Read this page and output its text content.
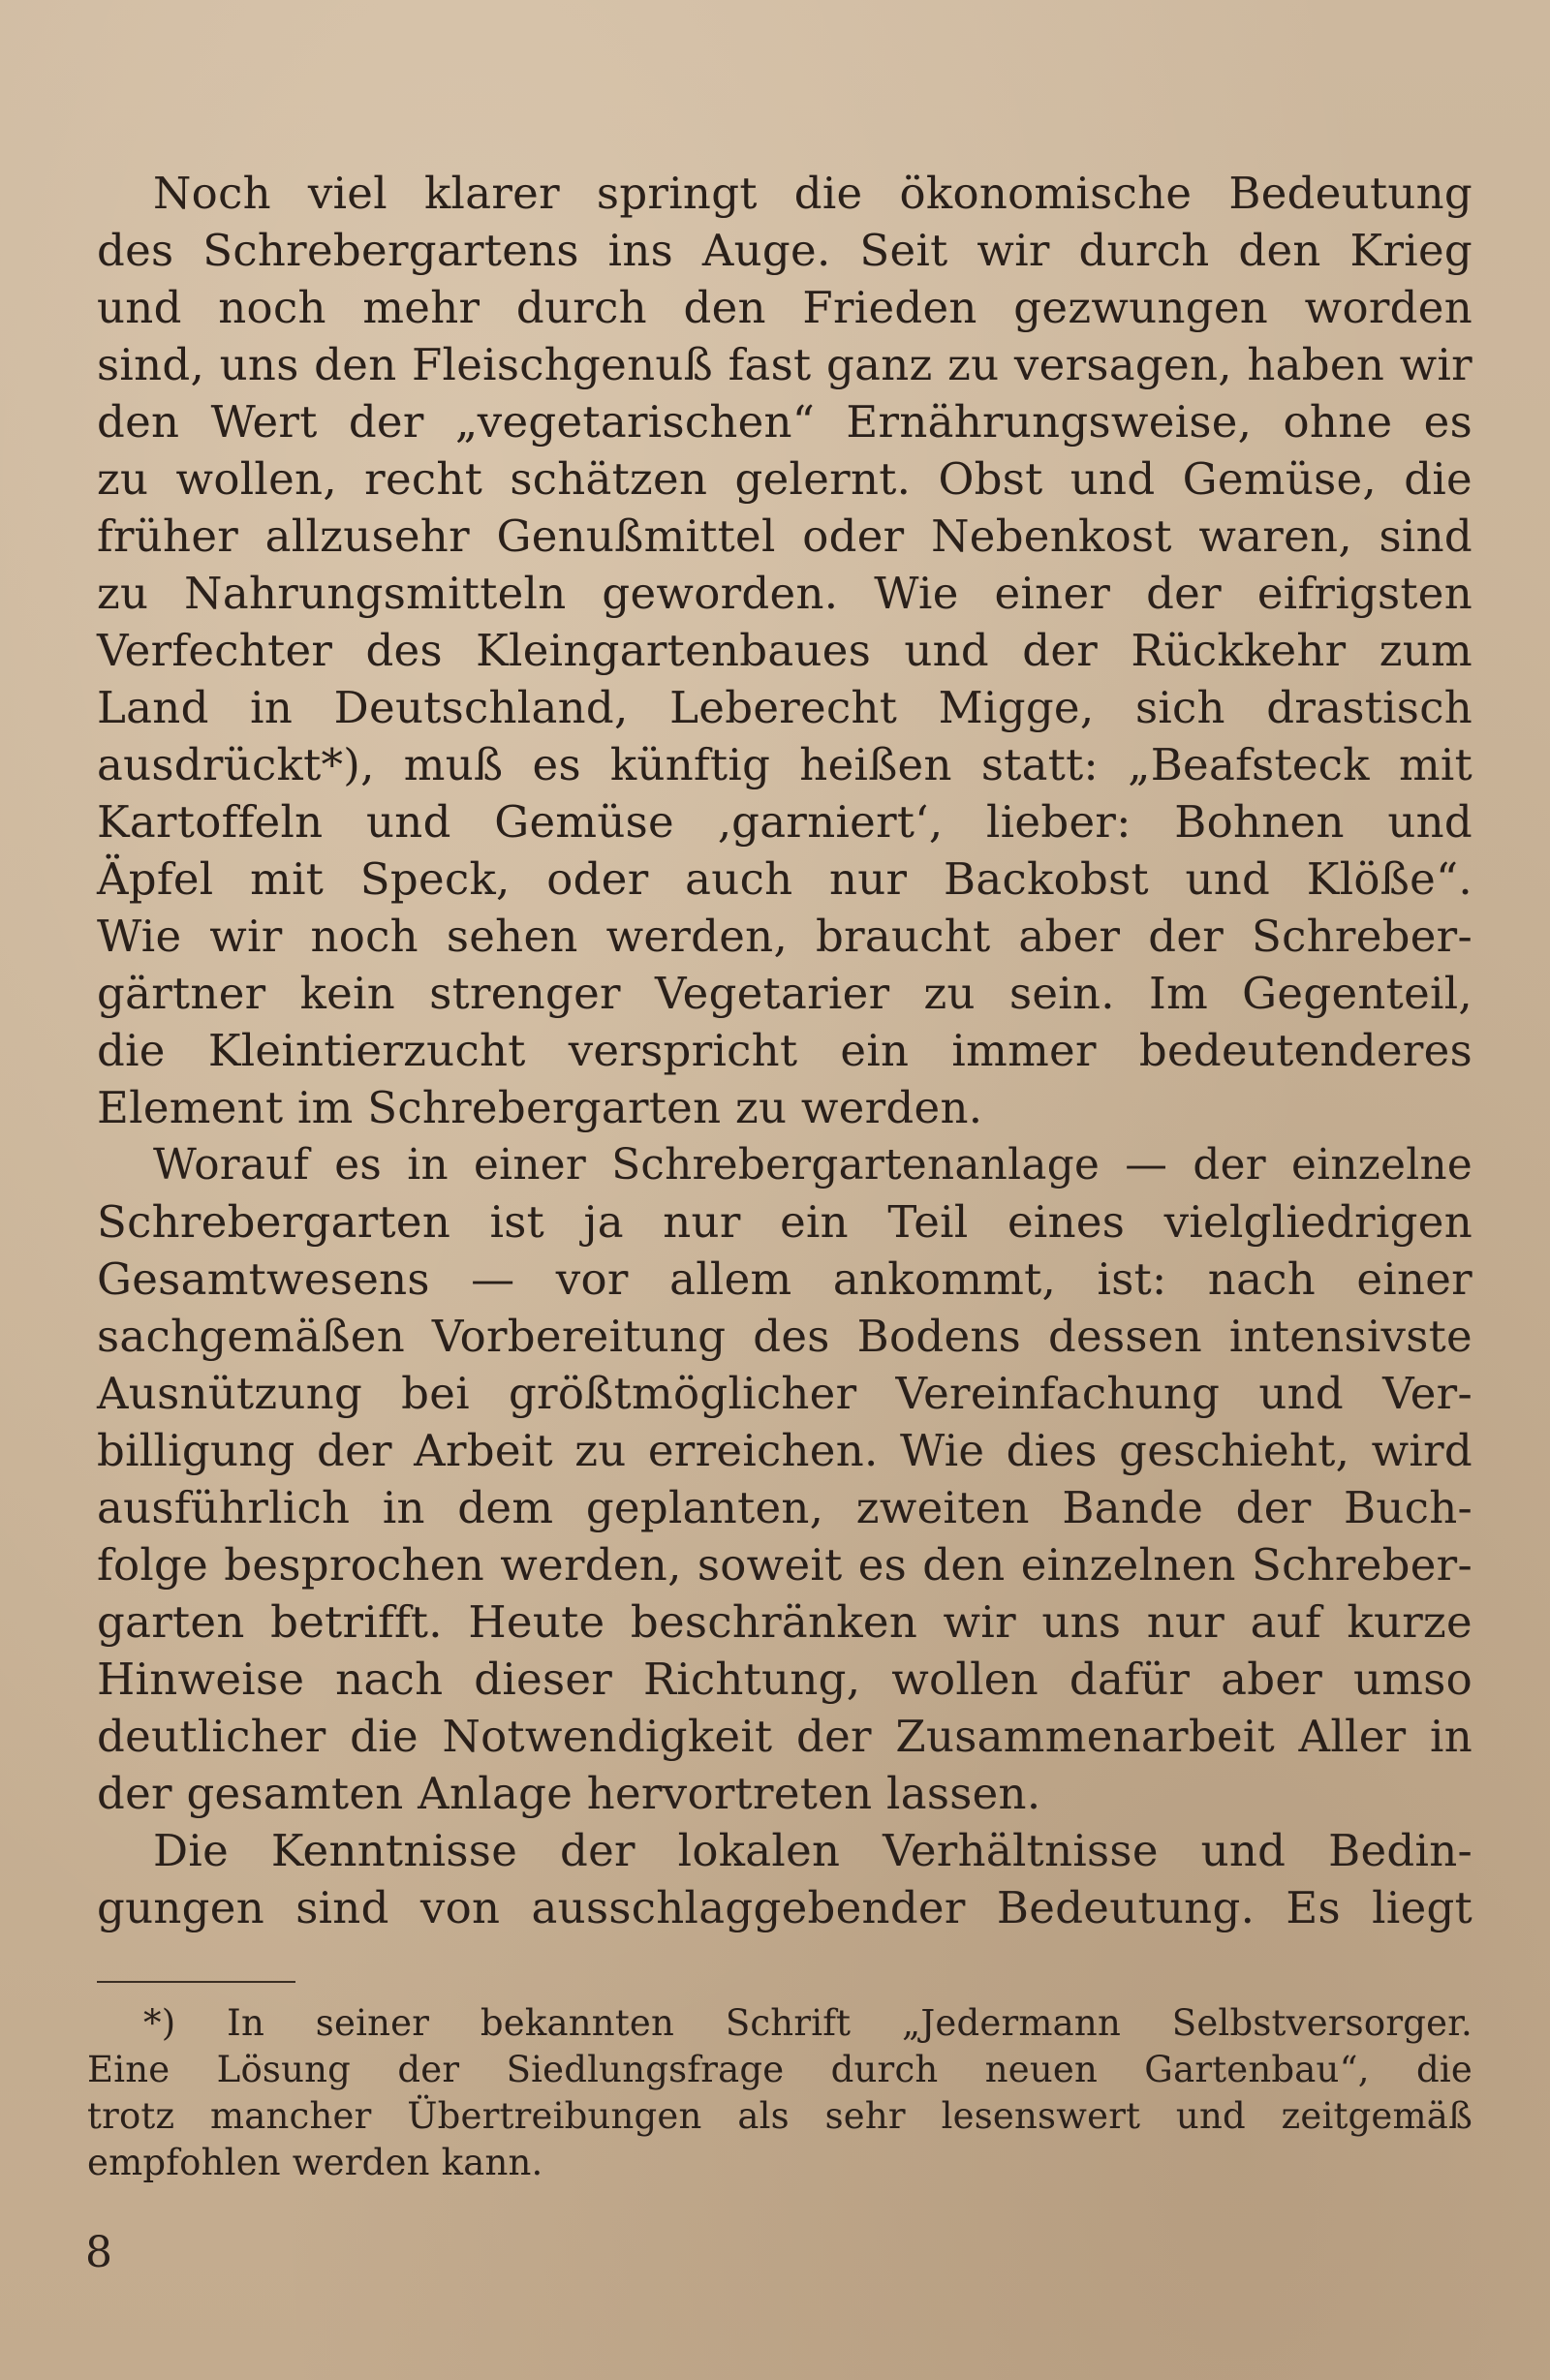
Noch viel klarer springt die ökonomische Bedeutung
des Schrebergartens ins Auge. Seit wir durch den Krieg
und noch mehr durch den Frieden gezwungen worden
sind, uns den Fleischgenuß fast ganz zu versagen, haben wir
den Wert der „vegetarischen“ Ernährungsweise, ohne es
zu wollen, recht schätzen gelernt. Obst und Gemüse, die
früher allzusehr Genußmittel oder Nebenkost waren, sind
zu Nahrungsmitteln geworden. Wie einer der eifrigsten
Verfechter des Kleingartenbaues und der Rückkehr zum
Land in Deutschland, Leberecht Migge, sich drastisch
ausdrückt*), muß es künftig heißen statt: „Beafsteck mit
Kartoffeln und Gemüse ‚garniert‘, lieber: Bohnen und
Äpfel mit Speck, oder auch nur Backobst und Klöße“.
Wie wir noch sehen werden, braucht aber der Schreber-
gärtner kein strenger Vegetarier zu sein. Im Gegenteil,
die Kleintierzucht verspricht ein immer bedeutenderes
Element im Schrebergarten zu werden.

Worauf es in einer Schrebergartenanlage — der einzelne
Schrebergarten ist ja nur ein Teil eines vielgliedrigen
Gesamtwesens — vor allem ankommt, ist: nach einer
sachgemäßen Vorbereitung des Bodens dessen intensivste
Ausnützung bei größtmöglicher Vereinfachung und Ver-
billigung der Arbeit zu erreichen. Wie dies geschieht, wird
ausführlich in dem geplanten, zweiten Bande der Buch-
folge besprochen werden, soweit es den einzelnen Schreber-
garten betrifft. Heute beschränken wir uns nur auf kurze
Hinweise nach dieser Richtung, wollen dafür aber umso
deutlicher die Notwendigkeit der Zusammenarbeit Aller in
der gesamten Anlage hervortreten lassen.

Die Kenntnisse der lokalen Verhältnisse und Bedin-
gungen sind von ausschlaggebender Bedeutung. Es liegt

*) In seiner bekannten Schrift „Jedermann Selbstversorger.
Eine Lösung der Siedlungsfrage durch neuen Gartenbau“, die
trotz mancher Übertreibungen als sehr lesenswert und zeitgemäß
empfohlen werden kann.
8
